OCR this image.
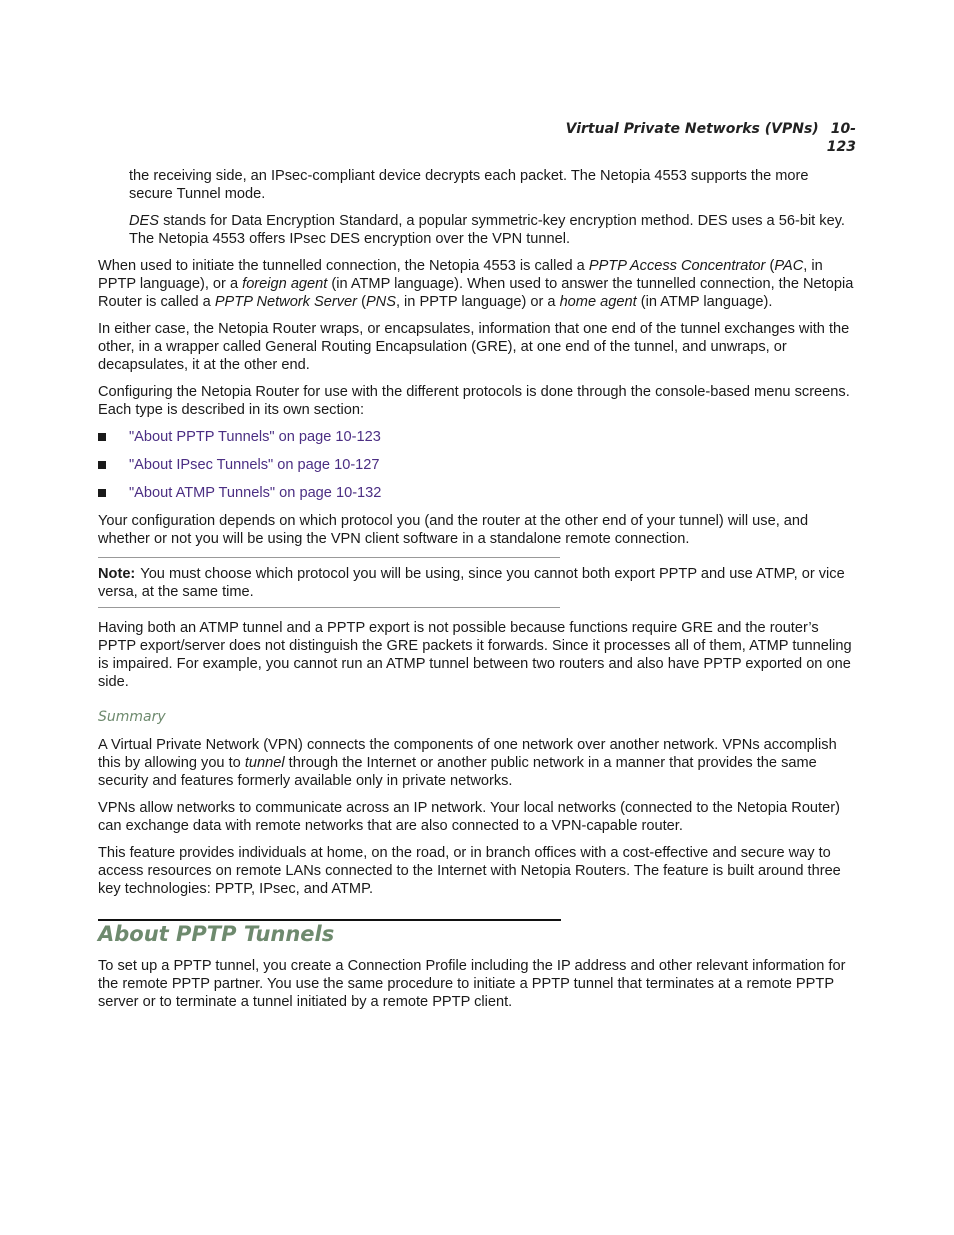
Virtual Private Networks (VPNs) 10-123

the receiving side, an IPsec-compliant device decrypts each packet. The Netopia 4553 supports the more secure Tunnel mode.

DES stands for Data Encryption Standard, a popular symmetric-key encryption method. DES uses a 56-bit key. The Netopia 4553 offers IPsec DES encryption over the VPN tunnel.

When used to initiate the tunnelled connection, the Netopia 4553 is called a PPTP Access Concentrator (PAC, in PPTP language), or a foreign agent (in ATMP language). When used to answer the tunnelled connection, the Netopia Router is called a PPTP Network Server (PNS, in PPTP language) or a home agent (in ATMP language).

In either case, the Netopia Router wraps, or encapsulates, information that one end of the tunnel exchanges with the other, in a wrapper called General Routing Encapsulation (GRE), at one end of the tunnel, and unwraps, or decapsulates, it at the other end.

Configuring the Netopia Router for use with the different protocols is done through the console-based menu screens. Each type is described in its own section:

"About PPTP Tunnels" on page 10-123
"About IPsec Tunnels" on page 10-127
"About ATMP Tunnels" on page 10-132

Your configuration depends on which protocol you (and the router at the other end of your tunnel) will use, and whether or not you will be using the VPN client software in a standalone remote connection.

Note: You must choose which protocol you will be using, since you cannot both export PPTP and use ATMP, or vice versa, at the same time.

Having both an ATMP tunnel and a PPTP export is not possible because functions require GRE and the router’s PPTP export/server does not distinguish the GRE packets it forwards. Since it processes all of them, ATMP tunneling is impaired. For example, you cannot run an ATMP tunnel between two routers and also have PPTP exported on one side.

Summary

A Virtual Private Network (VPN) connects the components of one network over another network. VPNs accomplish this by allowing you to tunnel through the Internet or another public network in a manner that provides the same security and features formerly available only in private networks.

VPNs allow networks to communicate across an IP network. Your local networks (connected to the Netopia Router) can exchange data with remote networks that are also connected to a VPN-capable router.

This feature provides individuals at home, on the road, or in branch offices with a cost-effective and secure way to access resources on remote LANs connected to the Internet with Netopia Routers. The feature is built around three key technologies: PPTP, IPsec, and ATMP.

About PPTP Tunnels

To set up a PPTP tunnel, you create a Connection Profile including the IP address and other relevant information for the remote PPTP partner. You use the same procedure to initiate a PPTP tunnel that terminates at a remote PPTP server or to terminate a tunnel initiated by a remote PPTP client.
